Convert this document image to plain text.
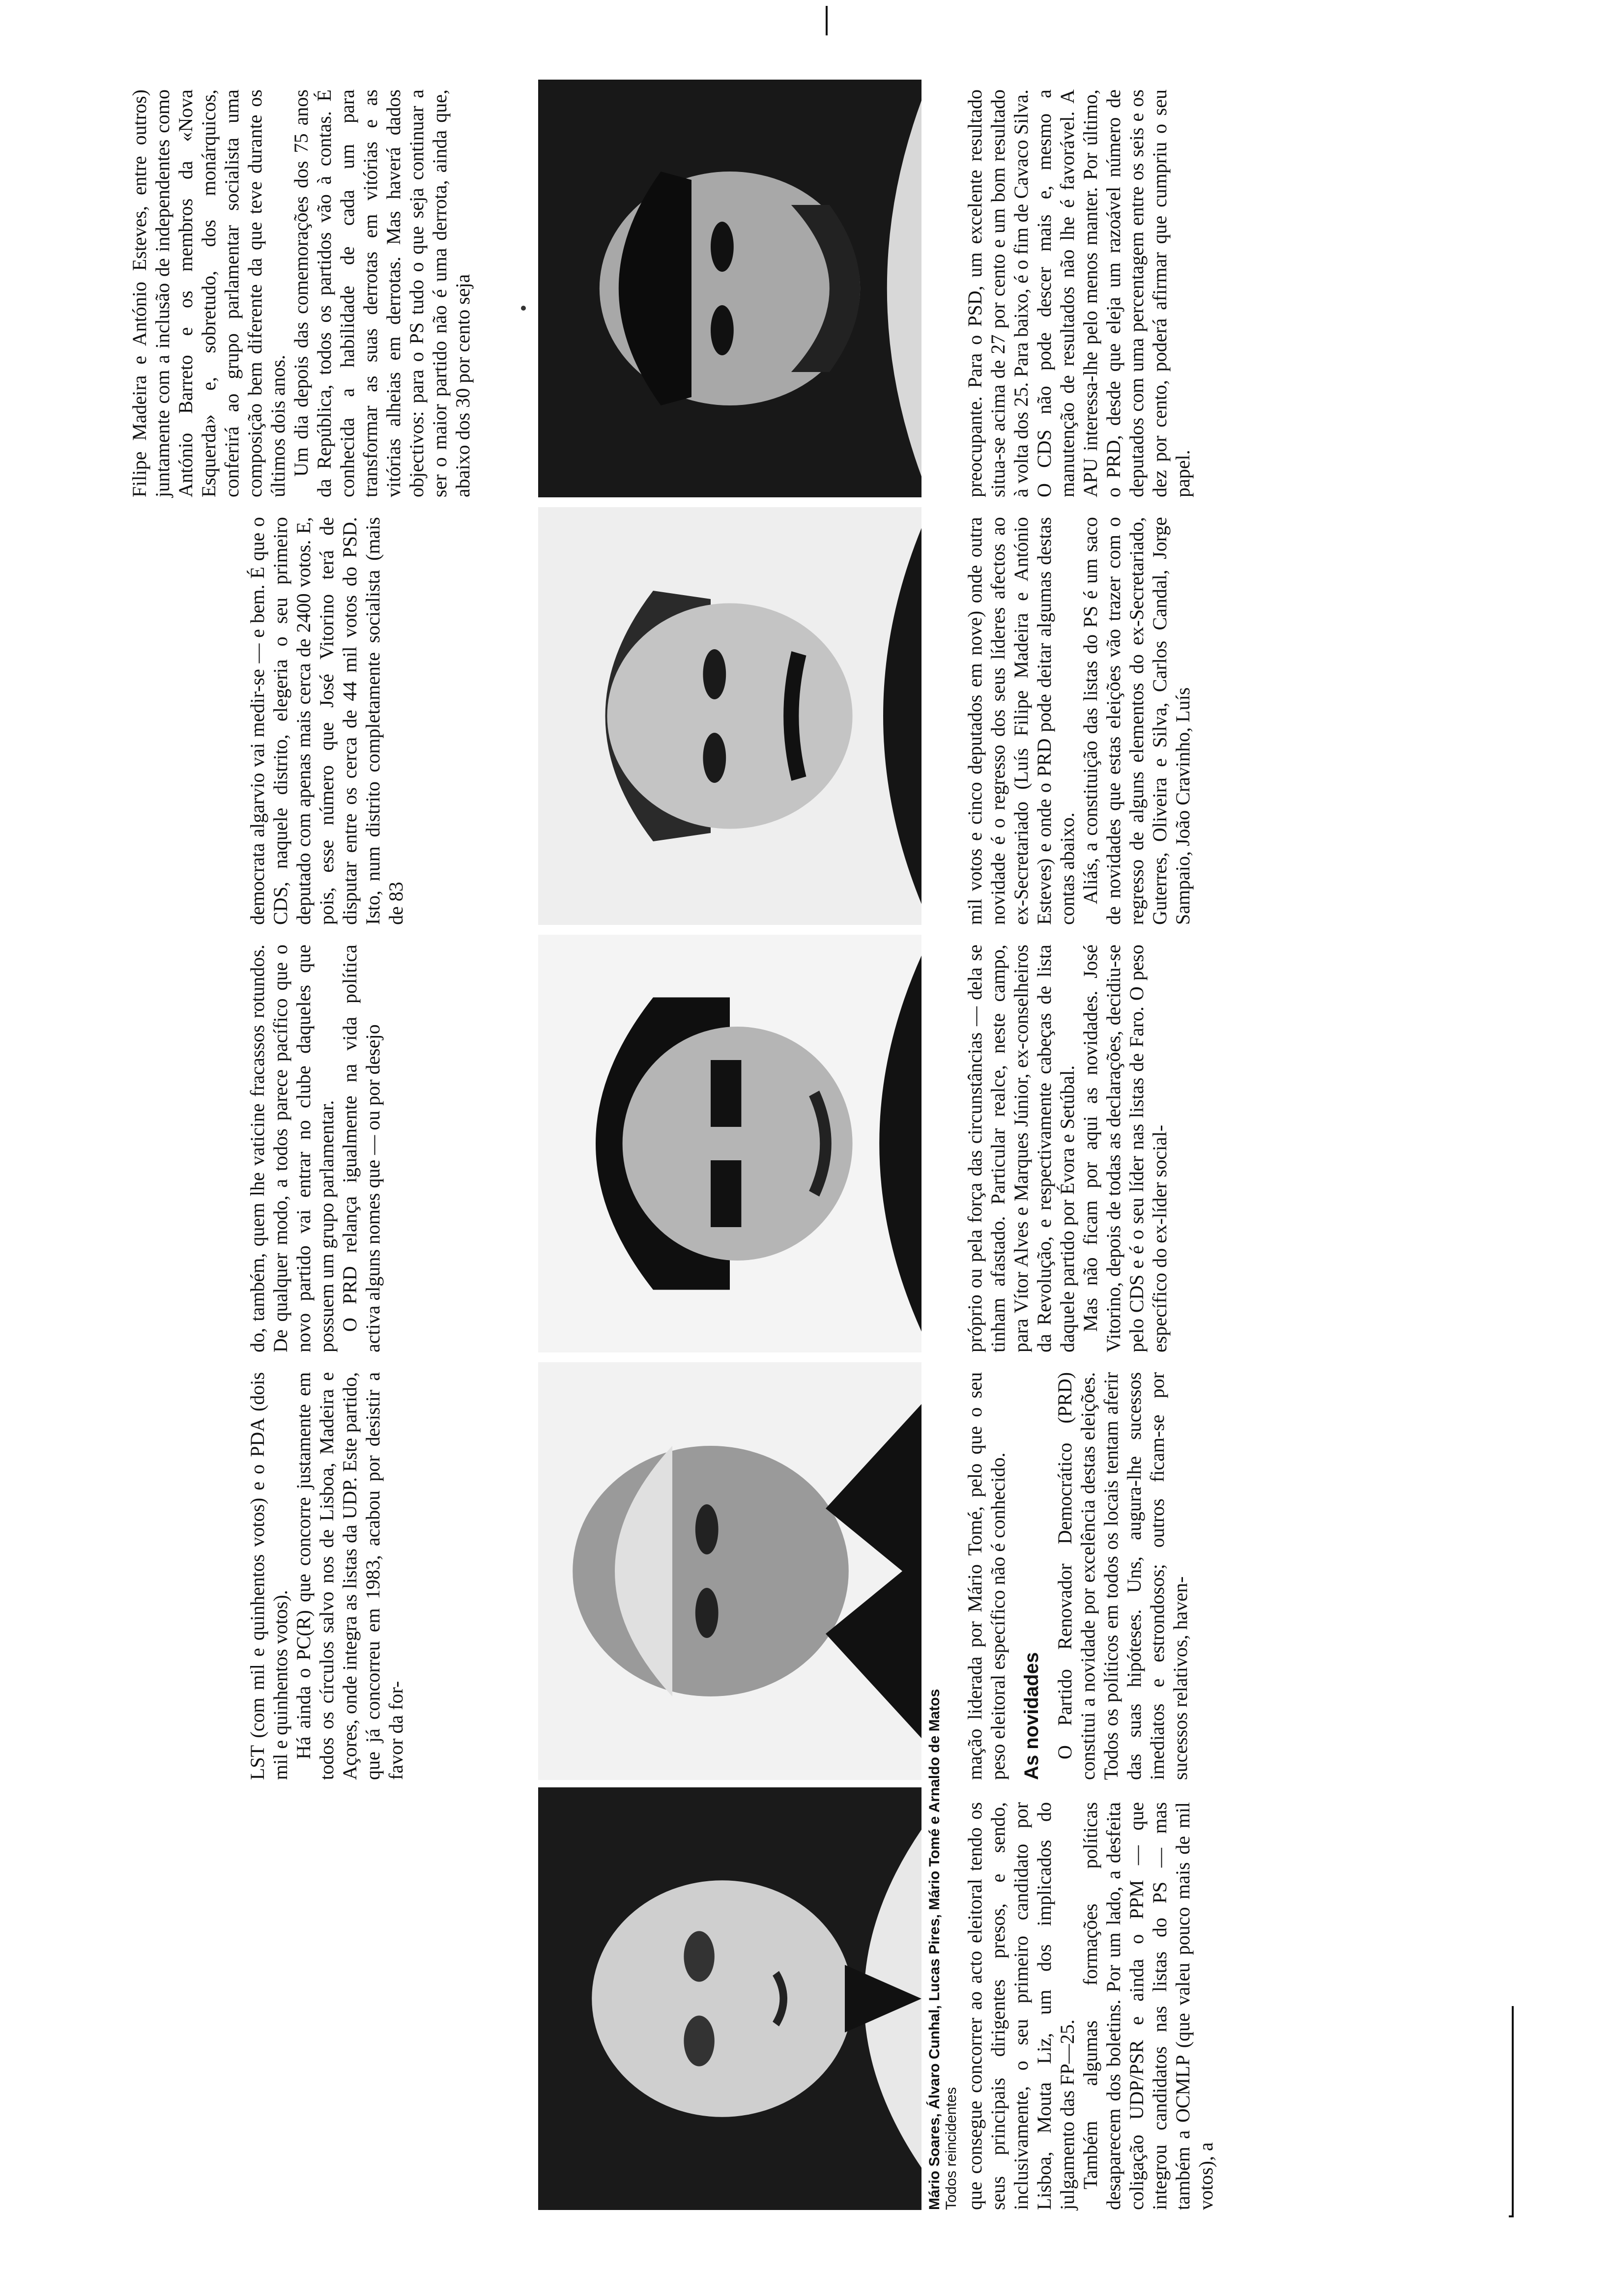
Mário Soares, Álvaro Cunhal, Lucas Pires, Mário Tomé e Arnaldo de Matos Todos reincidentes que consegue concorrer ao acto eleitoral tendo os seus principais dirigentes presos, e sendo, inclusivamente, o seu primeiro candidato por Lisboa, Mouta Liz, um dos implicados do julgamento das FP—25. Também algumas formações políticas desaparecem dos boletins. Por um lado, a desfeita coligação UDP/PSR e ainda o PPM — que integrou candidatos nas listas do PS — mas também a OCMLP (que valeu pouco mais de mil votos), a

LST (com mil e quinhentos votos) e o PDA (dois mil e quinhentos votos). Há ainda o PC(R) que concorre justamente em todos os círculos salvo nos de Lisboa, Madeira e Açores, onde integra as listas da UDP. Este partido, que já concorreu em 1983, acabou por desistir a favor da for-	mação liderada por Mário Tomé, pelo que o seu peso eleitoral específico não é conhecido. As novidades O Partido Renovador Democrático (PRD) constitui a novidade por excelência destas eleições. Todos os políticos em todos os locais tentam aferir das suas hipóteses. Uns, augura-lhe sucessos imediatos e estrondosos; outros ficam-se por sucessos relativos, haven-

do, também, quem lhe vaticine fracassos rotundos. De qualquer modo, a todos parece pacífico que o novo partido vai entrar no clube daqueles que possuem um grupo parlamentar. O PRD relança igualmente na vida política activa alguns nomes que — ou por desejo	próprio ou pela força das circunstâncias — dela se tinham afastado. Particular realce, neste campo, para Vítor Alves e Marques Júnior, ex-conselheiros da Revolução, e respectivamente cabeças de lista daquele partido por Évora e Setúbal. Mas não ficam por aqui as novidades. José Vitorino, depois de todas as declarações, decidiu-se pelo CDS e é o seu líder nas listas de Faro. O peso específico do ex-líder social-

democrata algarvio vai medir-se — e bem. É que o CDS, naquele distrito, elegeria o seu primeiro deputado com apenas mais cerca de 2400 votos. E, pois, esse número que José Vitorino terá de disputar entre os cerca de 44 mil votos do PSD. Isto, num distrito completamente socialista (mais de 83	mil votos e cinco deputados em nove) onde outra novidade é o regresso dos seus líderes afectos ao ex-Secretariado (Luís Filipe Madeira e António Esteves) e onde o PRD pode deitar algumas destas contas abaixo. Aliás, a constituição das listas do PS é um saco de novidades que estas eleições vão trazer com o regresso de alguns elementos do ex-Secretariado, Guterres, Oliveira e Silva, Carlos Candal, Jorge Sampaio, João Cravinho, Luís

Filipe Madeira e António Esteves, entre outros) juntamente com a inclusão de independentes como António Barreto e os membros da «Nova Esquerda» e, sobretudo, dos monárquicos, conferirá ao grupo parlamentar socialista uma composição bem diferente da que teve durante os últimos dois anos. Um dia depois das comemorações dos 75 anos da República, todos os partidos vão à contas. É conhecida a habilidade de cada um para transformar as suas derrotas em vitórias e as vitórias alheias em derrotas. Mas haverá dados objectivos: para o PS tudo o que seja continuar a ser o maior partido não é uma derrota, ainda que, abaixo dos 30 por cento seja	preocupante. Para o PSD, um excelente resultado situa-se acima de 27 por cento e um bom resultado à volta dos 25. Para baixo, é o fim de Cavaco Silva. O CDS não pode descer mais e, mesmo a manutenção de resultados não lhe é favorável. A APU interessa-lhe pelo menos manter. Por último, o PRD, desde que eleja um razoável número de deputados com uma percentagem entre os seis e os dez por cento, poderá afirmar que cumpriu o seu papel.
